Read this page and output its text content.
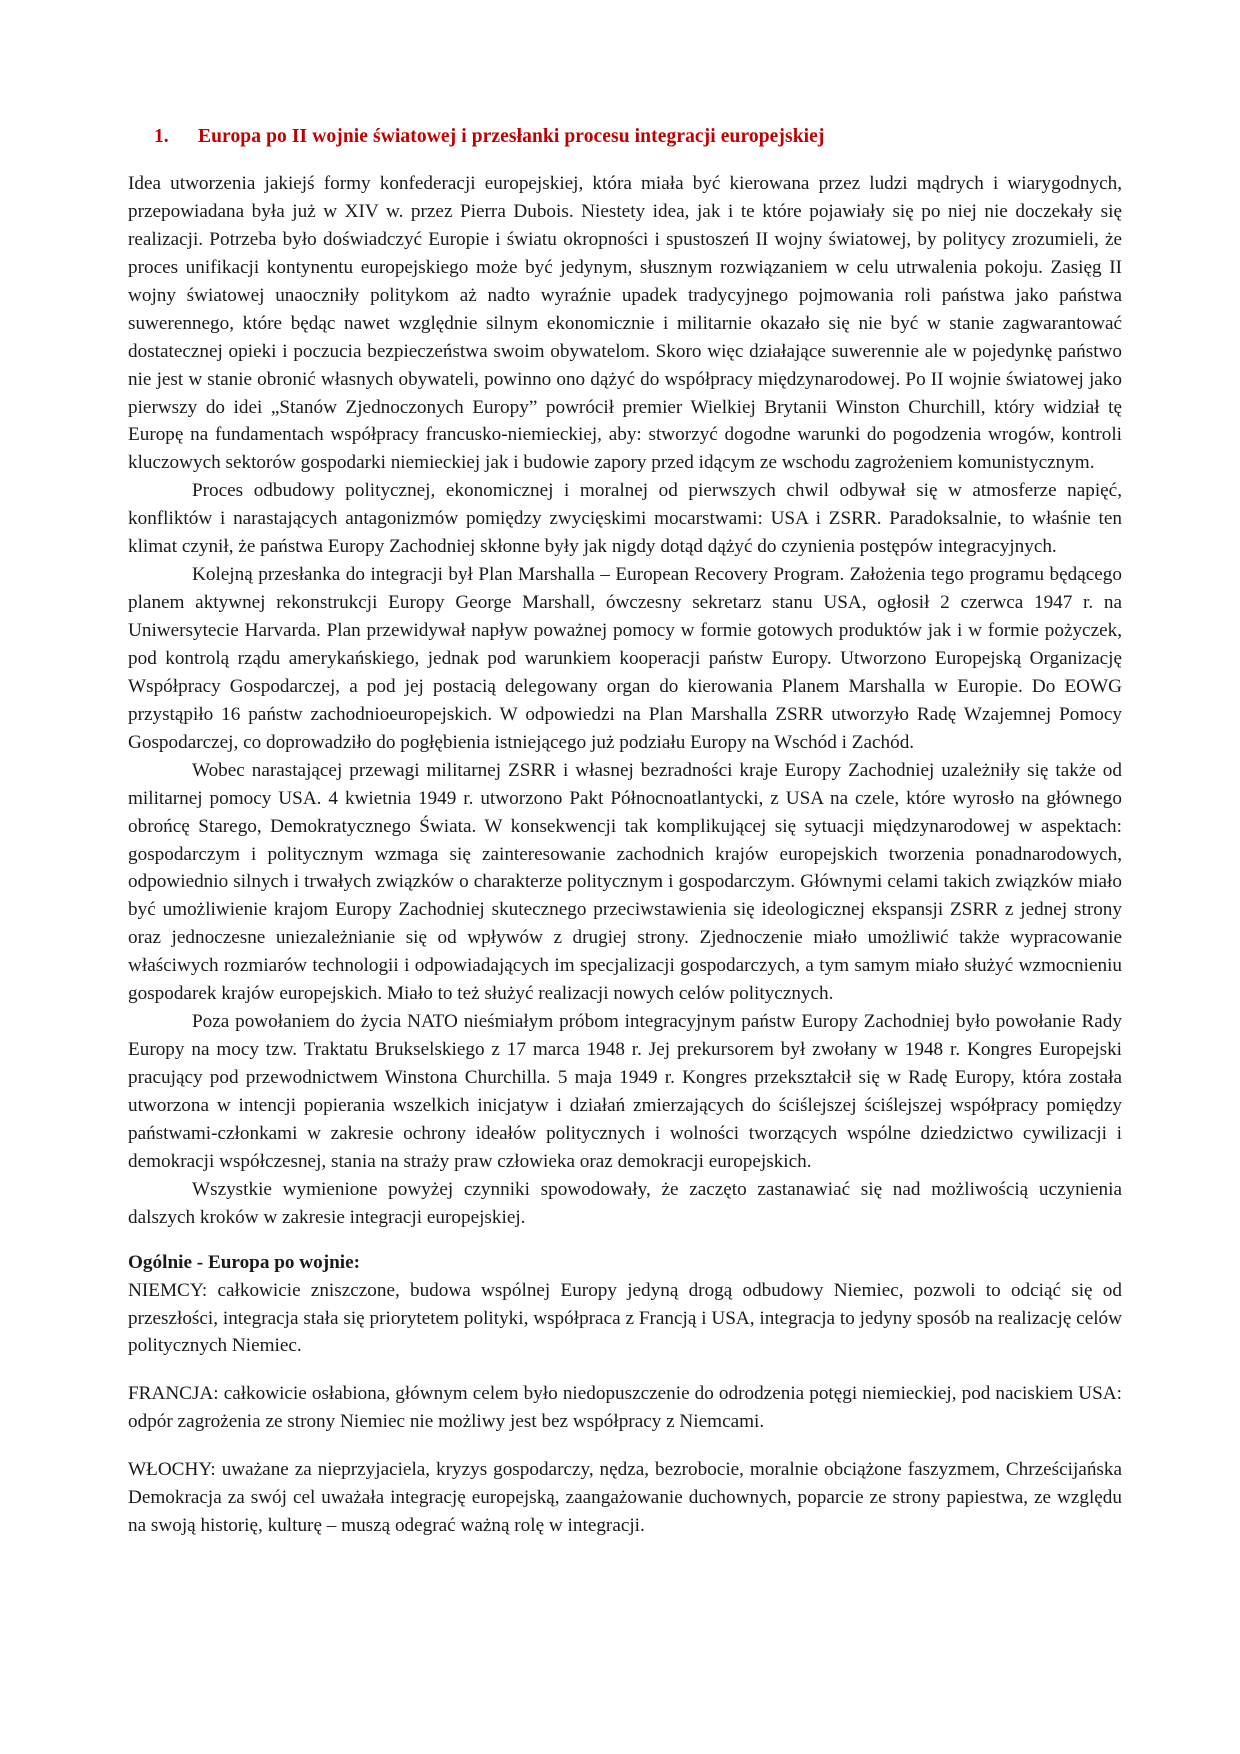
1.	Europa po II wojnie światowej i przesłanki procesu integracji europejskiej

Idea utworzenia jakiejś formy konfederacji europejskiej, która miała być kierowana przez ludzi mądrych i wiarygodnych, przepowiadana była już w XIV w. przez Pierra Dubois. Niestety idea, jak i te które pojawiały się po niej nie doczekały się realizacji. Potrzeba było doświadczyć Europie i światu okropności i spustoszeń II wojny światowej, by politycy zrozumieli, że proces unifikacji kontynentu europejskiego może być jedynym, słusznym rozwiązaniem w celu utrwalenia pokoju. Zasięg II wojny światowej unaoczniły politykom aż nadto wyraźnie upadek tradycyjnego pojmowania roli państwa jako państwa suwerennego, które będąc nawet względnie silnym ekonomicznie i militarnie okazało się nie być w stanie zagwarantować dostatecznej opieki i poczucia bezpieczeństwa swoim obywatelom. Skoro więc działające suwerennie ale w pojedynkę państwo nie jest w stanie obronić własnych obywateli, powinno ono dążyć do współpracy międzynarodowej. Po II wojnie światowej jako pierwszy do idei „Stanów Zjednoczonych Europy” powrócił premier Wielkiej Brytanii Winston Churchill, który widział tę Europę na fundamentach współpracy francusko-niemieckiej, aby: stworzyć dogodne warunki do pogodzenia wrogów, kontroli kluczowych sektorów gospodarki niemieckiej jak i budowie zapory przed idącym ze wschodu zagrożeniem komunistycznym.

Proces odbudowy politycznej, ekonomicznej i moralnej od pierwszych chwil odbywał się w atmosferze napięć, konfliktów i narastających antagonizmów pomiędzy zwycięskimi mocarstwami: USA i ZSRR. Paradoksalnie, to właśnie ten klimat czynił, że państwa Europy Zachodniej skłonne były jak nigdy dotąd dążyć do czynienia postępów integracyjnych.

Kolejną przesłanka do integracji był Plan Marshalla – European Recovery Program. Założenia tego programu będącego planem aktywnej rekonstrukcji Europy George Marshall, ówczesny sekretarz stanu USA, ogłosił 2 czerwca 1947 r. na Uniwersytecie Harvarda. Plan przewidywał napływ poważnej pomocy w formie gotowych produktów jak i w formie pożyczek, pod kontrolą rządu amerykańskiego, jednak pod warunkiem kooperacji państw Europy. Utworzono Europejską Organizację Współpracy Gospodarczej, a pod jej postacią delegowany organ do kierowania Planem Marshalla w Europie. Do EOWG przystąpiło 16 państw zachodnioeuropejskich. W odpowiedzi na Plan Marshalla ZSRR utworzyło Radę Wzajemnej Pomocy Gospodarczej, co doprowadziło do pogłębienia istniejącego już podziału Europy na Wschód i Zachód.

Wobec narastającej przewagi militarnej ZSRR i własnej bezradności kraje Europy Zachodniej uzależniły się także od militarnej pomocy USA. 4 kwietnia 1949 r. utworzono Pakt Północnoatlantycki, z USA na czele, które wyrosło na głównego obrońcę Starego, Demokratycznego Świata. W konsekwencji tak komplikującej się sytuacji międzynarodowej w aspektach: gospodarczym i politycznym wzmaga się zainteresowanie zachodnich krajów europejskich tworzenia ponadnarodowych, odpowiednio silnych i trwałych związków o charakterze politycznym i gospodarczym. Głównymi celami takich związków miało być umożliwienie krajom Europy Zachodniej skutecznego przeciwstawienia się ideologicznej ekspansji ZSRR z jednej strony oraz jednoczesne uniezależnianie się od wpływów z drugiej strony. Zjednoczenie miało umożliwić także wypracowanie właściwych rozmiarów technologii i odpowiadających im specjalizacji gospodarczych, a tym samym miało służyć wzmocnieniu gospodarek krajów europejskich. Miało to też służyć realizacji nowych celów politycznych.

Poza powołaniem do życia NATO nieśmiałym próbom integracyjnym państw Europy Zachodniej było powołanie Rady Europy na mocy tzw. Traktatu Brukselskiego z 17 marca 1948 r. Jej prekursorem był zwołany w 1948 r. Kongres Europejski pracujący pod przewodnictwem Winstona Churchilla. 5 maja 1949 r. Kongres przekształcił się w Radę Europy, która została utworzona w intencji popierania wszelkich inicjatyw i działań zmierzających do ściślejszej ściślejszej współpracy pomiędzy państwami-członkami w zakresie ochrony ideałów politycznych i wolności tworzących wspólne dziedzictwo cywilizacji i demokracji współczesnej, stania na straży praw człowieka oraz demokracji europejskich.

Wszystkie wymienione powyżej czynniki spowodowały, że zaczęto zastanawiać się nad możliwością uczynienia dalszych kroków w zakresie integracji europejskiej.

Ogólnie - Europa po wojnie:

NIEMCY: całkowicie zniszczone, budowa wspólnej Europy jedyną drogą odbudowy Niemiec, pozwoli to odciąć się od przeszłości, integracja stała się priorytetem polityki, współpraca z Francją i USA, integracja to jedyny sposób na realizację celów politycznych Niemiec.

FRANCJA: całkowicie osłabiona, głównym celem było niedopuszczenie do odrodzenia potęgi niemieckiej, pod naciskiem USA: odpór zagrożenia ze strony Niemiec nie możliwy jest bez współpracy z Niemcami.

WŁOCHY: uważane za nieprzyjaciela, kryzys gospodarczy, nędza, bezrobocie, moralnie obciążone faszyzmem, Chrześcijańska Demokracja za swój cel uważała integrację europejską, zaangażowanie duchownych, poparcie ze strony papiestwa, ze względu na swoją historię, kulturę – muszą odegrać ważną rolę w integracji.
